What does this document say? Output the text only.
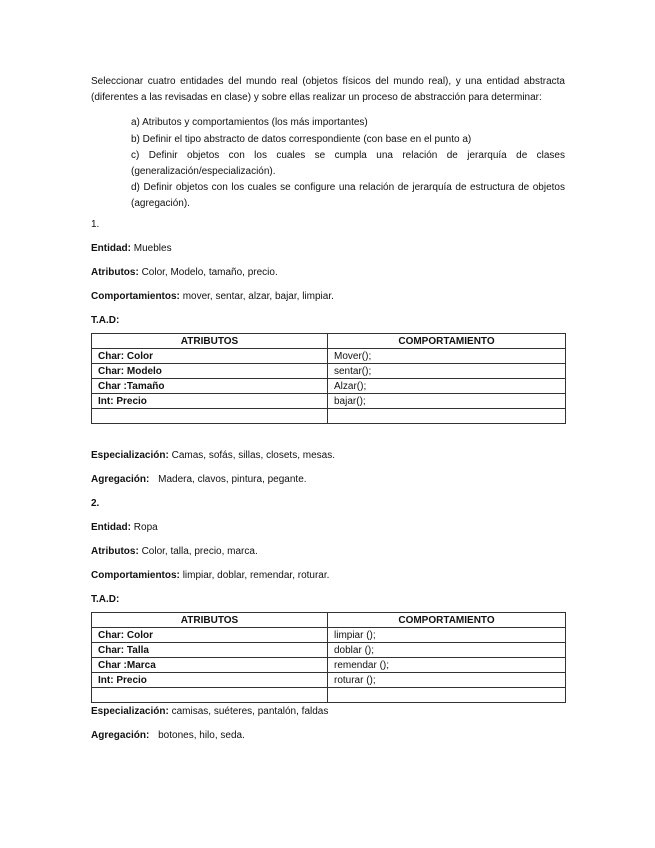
Seleccionar cuatro entidades del mundo real (objetos físicos del mundo real), y una entidad abstracta (diferentes a las revisadas en clase) y sobre ellas realizar un proceso de abstracción para determinar:

a) Atributos y comportamientos (los más importantes)
b) Definir el tipo abstracto de datos correspondiente (con base en el punto a)
c) Definir objetos con los cuales se cumpla una relación de jerarquía de clases (generalización/especialización).
d) Definir objetos con los cuales se configure una relación de jerarquía de estructura de objetos (agregación).

1.

Entidad: Muebles

Atributos: Color, Modelo, tamaño, precio.

Comportamientos: mover, sentar, alzar, bajar, limpiar.

T.A.D:

ATRIBUTOS	COMPORTAMIENTO
Char: Color	Mover();
Char: Modelo	sentar();
Char :Tamaño	Alzar();
Int: Precio	bajar();

Especialización: Camas, sofás, sillas, closets, mesas.

Agregación: Madera, clavos, pintura, pegante.

2.

Entidad: Ropa

Atributos: Color, talla, precio, marca.

Comportamientos: limpiar, doblar, remendar, roturar.

T.A.D:

ATRIBUTOS	COMPORTAMIENTO
Char: Color	limpiar ();
Char: Talla	doblar ();
Char :Marca	remendar ();
Int: Precio	roturar ();

Especialización: camisas, suéteres, pantalón, faldas

Agregación: botones, hilo, seda.
